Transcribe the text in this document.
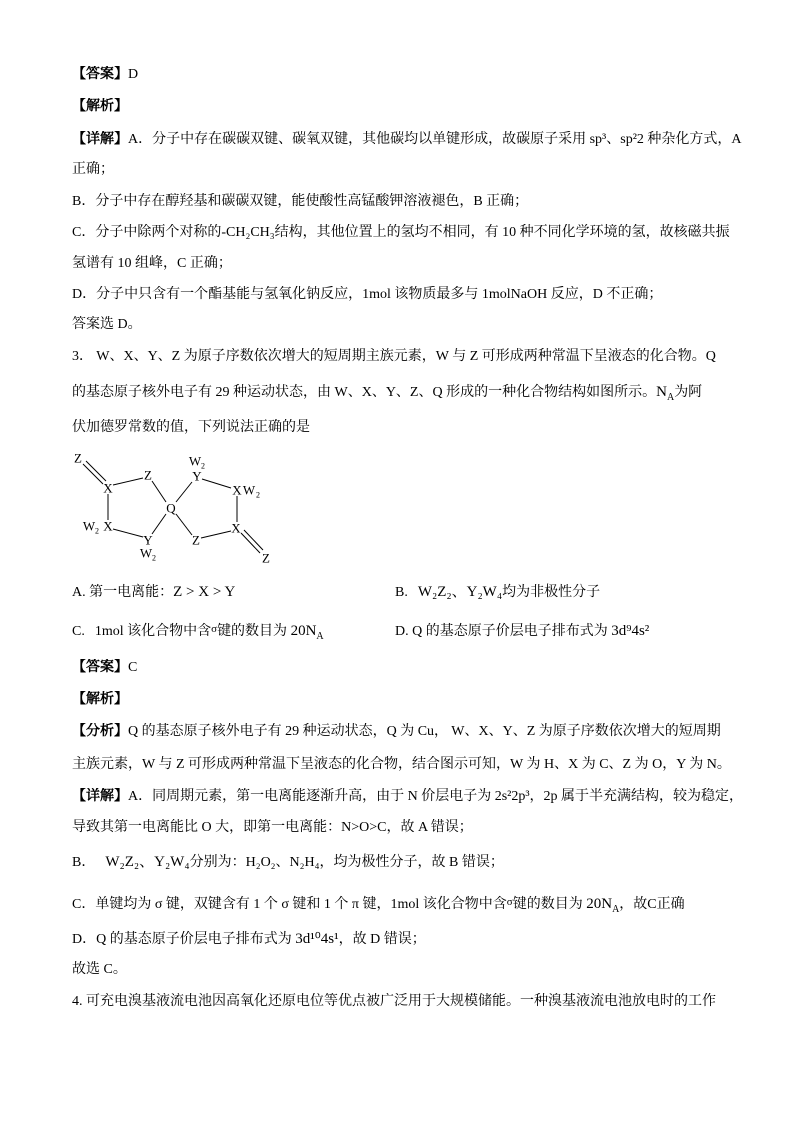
【答案】D
【解析】
【详解】A．分子中存在碳碳双键、碳氧双键，其他碳均以单键形成，故碳原子采用 sp³、sp²2 种杂化方式，A
正确；
B．分子中存在醇羟基和碳碳双键，能使酸性高锰酸钾溶液褪色，B 正确；
C．分子中除两个对称的-CH₂CH₃结构，其他位置上的氢均不相同，有 10 种不同化学环境的氢，故核磁共振
氢谱有 10 组峰，C 正确；
D．分子中只含有一个酯基能与氢氧化钠反应，1mol 该物质最多与 1molNaOH 反应，D 不正确；
答案选 D。
3． W、X、Y、Z 为原子序数依次增大的短周期主族元素，W 与 Z 可形成两种常温下呈液态的化合物。Q
的基态原子核外电子有 29 种运动状态，由 W、X、Y、Z、Q 形成的一种化合物结构如图所示。$N_A$为阿
伏加德罗常数的值，下列说法正确的是
Z
X
Z
W 2
Y
X W 2
Q
W 2 X
Y
W 2
Z
X
Z
A. 第一电离能：Z > X > Y	B. W₂Z₂、Y₂W₄均为非极性分子
C. 1mol 该化合物中含$^\sigma$键的数目为 $20N_A$	D. Q 的基态原子价层电子排布式为 3d⁹4s²
【答案】C
【解析】
【分析】Q 的基态原子核外电子有 29 种运动状态，Q 为 Cu， W、X、Y、Z 为原子序数依次增大的短周期
主族元素，W 与 Z 可形成两种常温下呈液态的化合物，结合图示可知，W 为 H、X 为 C、Z 为 O，Y 为 N。
【详解】A．同周期元素，第一电离能逐渐升高，由于 N 价层电子为 2s²2p³，2p 属于半充满结构，较为稳定，
导致其第一电离能比 O 大，即第一电离能：N>O>C，故 A 错误；
B． W₂Z₂、Y₂W₄分别为：H₂O₂、N₂H₄，均为极性分子，故 B 错误；
C．单键均为 σ 键，双键含有 1 个 σ 键和 1 个 π 键，1mol 该化合物中含$^\sigma$键的数目为 $20N_A$，故C正确
D．Q 的基态原子价层电子排布式为 3d¹⁰4s¹，故 D 错误；
故选 C。
4. 可充电溴基液流电池因高氧化还原电位等优点被广泛用于大规模储能。一种溴基液流电池放电时的工作
